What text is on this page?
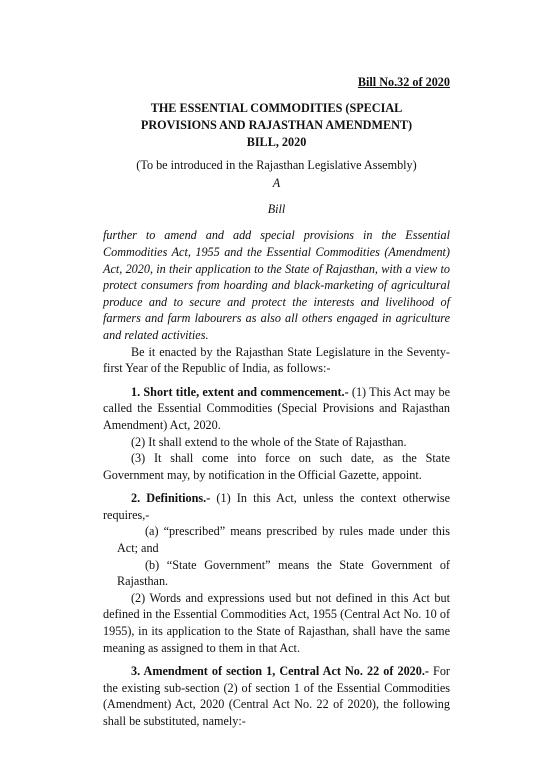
Bill No.32 of 2020
THE ESSENTIAL COMMODITIES (SPECIAL
PROVISIONS AND RAJASTHAN AMENDMENT)
BILL, 2020
(To be introduced in the Rajasthan Legislative Assembly)
A
Bill
further to amend and add special provisions in the Essential Commodities Act, 1955 and the Essential Commodities (Amendment) Act, 2020, in their application to the State of Rajasthan, with a view to protect consumers from hoarding and black-marketing of agricultural produce and to secure and protect the interests and livelihood of farmers and farm labourers as also all others engaged in agriculture and related activities.

Be it enacted by the Rajasthan State Legislature in the Seventy-first Year of the Republic of India, as follows:-

1. Short title, extent and commencement.- (1) This Act may be called the Essential Commodities (Special Provisions and Rajasthan Amendment) Act, 2020.

(2) It shall extend to the whole of the State of Rajasthan.

(3) It shall come into force on such date, as the State Government may, by notification in the Official Gazette, appoint.

2. Definitions.- (1) In this Act, unless the context otherwise requires,-

(a) “prescribed” means prescribed by rules made under this Act; and

(b) “State Government” means the State Government of Rajasthan.

(2) Words and expressions used but not defined in this Act but defined in the Essential Commodities Act, 1955 (Central Act No. 10 of 1955), in its application to the State of Rajasthan, shall have the same meaning as assigned to them in that Act.

3. Amendment of section 1, Central Act No. 22 of 2020.- For the existing sub-section (2) of section 1 of the Essential Commodities (Amendment) Act, 2020 (Central Act No. 22 of 2020), the following shall be substituted, namely:-
